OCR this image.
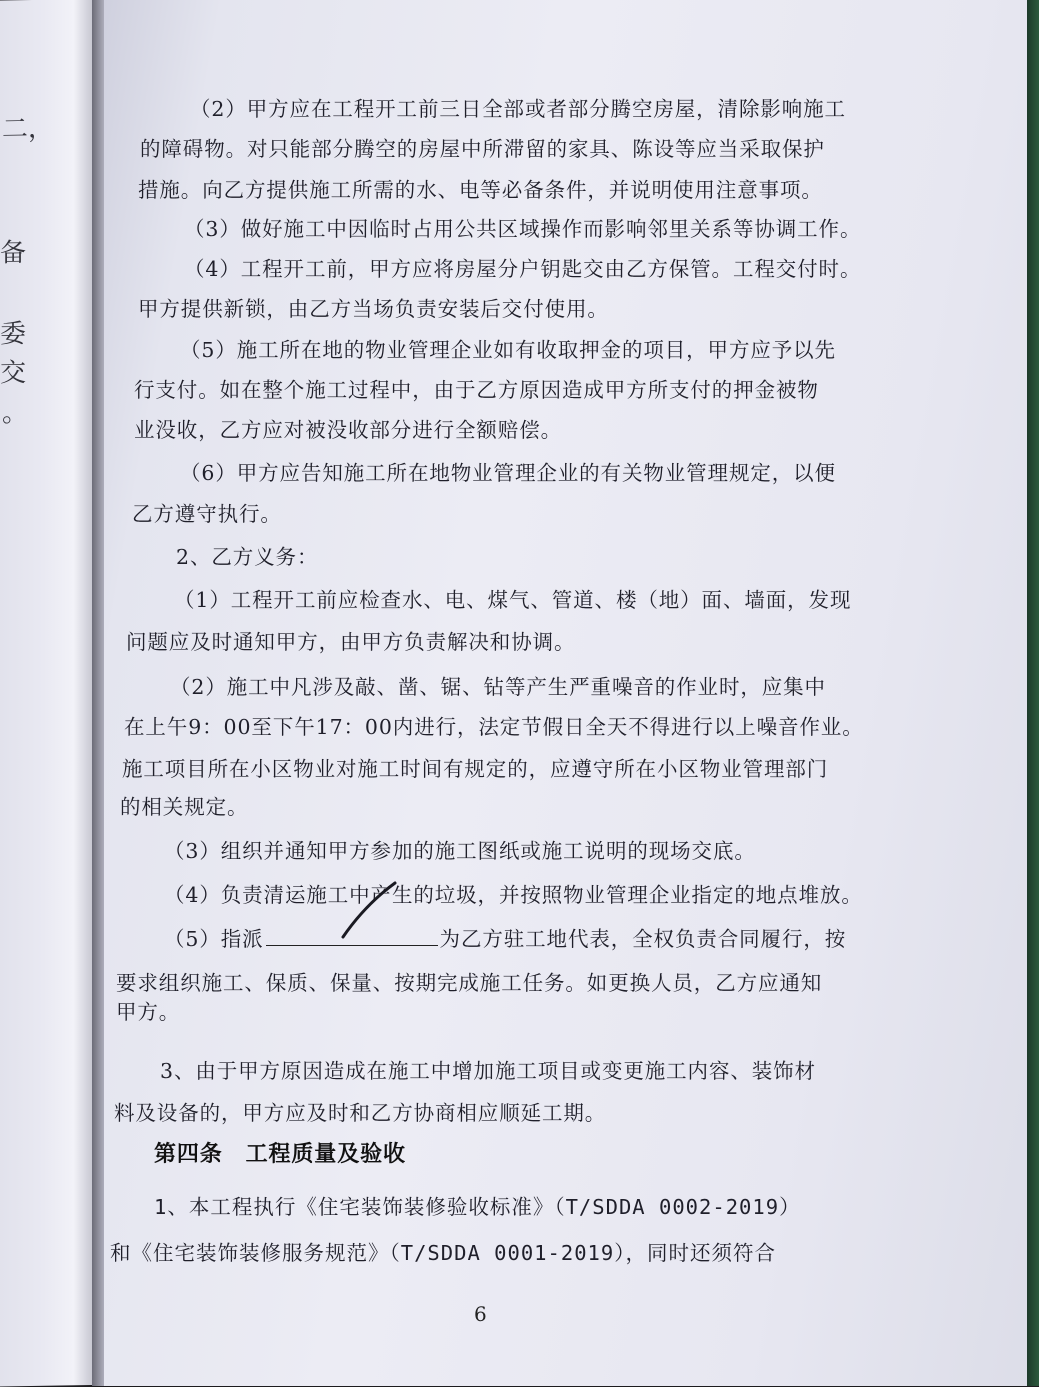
二，
备
委
交
。
（2）甲方应在工程开工前三日全部或者部分腾空房屋，清除影响施工
的障碍物。对只能部分腾空的房屋中所滞留的家具、陈设等应当采取保护
措施。向乙方提供施工所需的水、电等必备条件，并说明使用注意事项。
（3）做好施工中因临时占用公共区域操作而影响邻里关系等协调工作。
（4）工程开工前，甲方应将房屋分户钥匙交由乙方保管。工程交付时。
甲方提供新锁，由乙方当场负责安装后交付使用。
（5）施工所在地的物业管理企业如有收取押金的项目，甲方应予以先
行支付。如在整个施工过程中，由于乙方原因造成甲方所支付的押金被物
业没收，乙方应对被没收部分进行全额赔偿。
（6）甲方应告知施工所在地物业管理企业的有关物业管理规定，以便
乙方遵守执行。
2、乙方义务：
（1）工程开工前应检查水、电、煤气、管道、楼（地）面、墙面，发现
问题应及时通知甲方，由甲方负责解决和协调。
（2）施工中凡涉及敲、凿、锯、钻等产生严重噪音的作业时，应集中
在上午9：00至下午17：00内进行，法定节假日全天不得进行以上噪音作业。
施工项目所在小区物业对施工时间有规定的，应遵守所在小区物业管理部门
的相关规定。
（3）组织并通知甲方参加的施工图纸或施工说明的现场交底。
（4）负责清运施工中产生的垃圾，并按照物业管理企业指定的地点堆放。
（5）指派	为乙方驻工地代表，全权负责合同履行，按
要求组织施工、保质、保量、按期完成施工任务。如更换人员，乙方应通知
甲方。
3、由于甲方原因造成在施工中增加施工项目或变更施工内容、装饰材
料及设备的，甲方应及时和乙方协商相应顺延工期。
第四条　工程质量及验收
1、本工程执行《住宅装饰装修验收标准》（T/SDDA 0002-2019）
和《住宅装饰装修服务规范》（T/SDDA 0001-2019），同时还须符合
6
